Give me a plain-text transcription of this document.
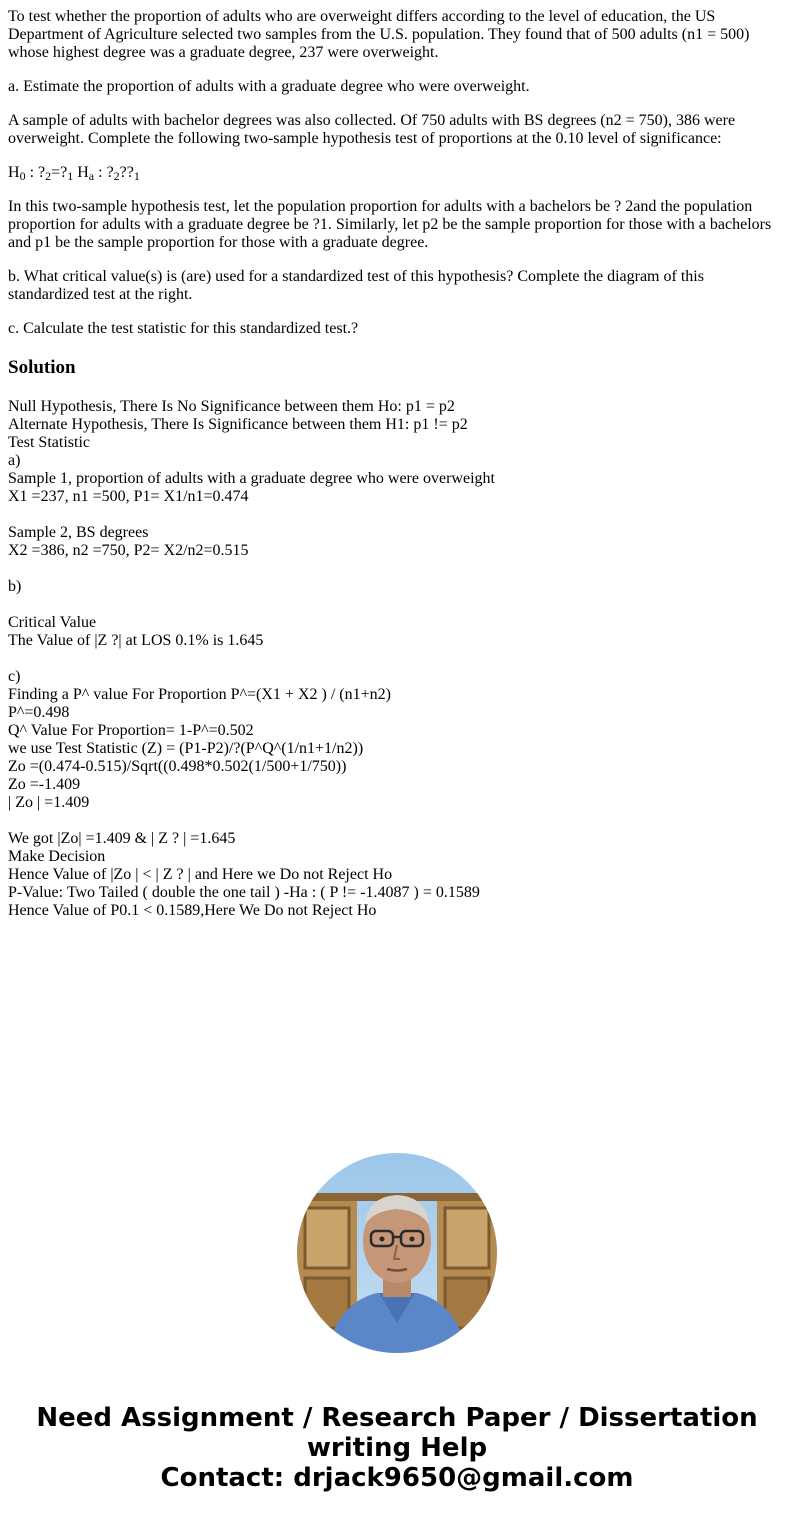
To test whether the proportion of adults who are overweight differs according to the level of education, the US Department of Agriculture selected two samples from the U.S. population. They found that of 500 adults (n1 = 500) whose highest degree was a graduate degree, 237 were overweight.

a. Estimate the proportion of adults with a graduate degree who were overweight.

A sample of adults with bachelor degrees was also collected. Of 750 adults with BS degrees (n2 = 750), 386 were overweight. Complete the following two-sample hypothesis test of proportions at the 0.10 level of significance:

$H_0$ : $?_2=?_1$ $H_a$ : $?_2??_1$

In this two-sample hypothesis test, let the population proportion for adults with a bachelors be ? 2and the population proportion for adults with a graduate degree be ?1. Similarly, let p2 be the sample proportion for those with a bachelors and p1 be the sample proportion for those with a graduate degree.

b. What critical value(s) is (are) used for a standardized test of this hypothesis? Complete the diagram of this standardized test at the right.

c. Calculate the test statistic for this standardized test.?

Solution
Null Hypothesis, There Is No Significance between them Ho: p1 = p2
Alternate Hypothesis, There Is Significance between them H1: p1 != p2
Test Statistic
a)
Sample 1, proportion of adults with a graduate degree who were overweight
X1 =237, n1 =500, P1= X1/n1=0.474
Sample 2, BS degrees
X2 =386, n2 =750, P2= X2/n2=0.515
b)
Critical Value
The Value of |Z ?| at LOS 0.1% is 1.645
c)
Finding a P^ value For Proportion P^=(X1 + X2 ) / (n1+n2)
P^=0.498
Q^ Value For Proportion= 1-P^=0.502
we use Test Statistic (Z) = (P1-P2)/?(P^Q^(1/n1+1/n2))
Zo =(0.474-0.515)/Sqrt((0.498*0.502(1/500+1/750))
Zo =-1.409
| Zo | =1.409
We got |Zo| =1.409 & | Z ? | =1.645
Make Decision
Hence Value of |Zo | < | Z ? | and Here we Do not Reject Ho
P-Value: Two Tailed ( double the one tail ) -Ha : ( P != -1.4087 ) = 0.1589
Hence Value of P0.1 < 0.1589,Here We Do not Reject Ho
Need Assignment / Research Paper / Dissertation
writing Help
Contact: drjack9650@gmail.com
